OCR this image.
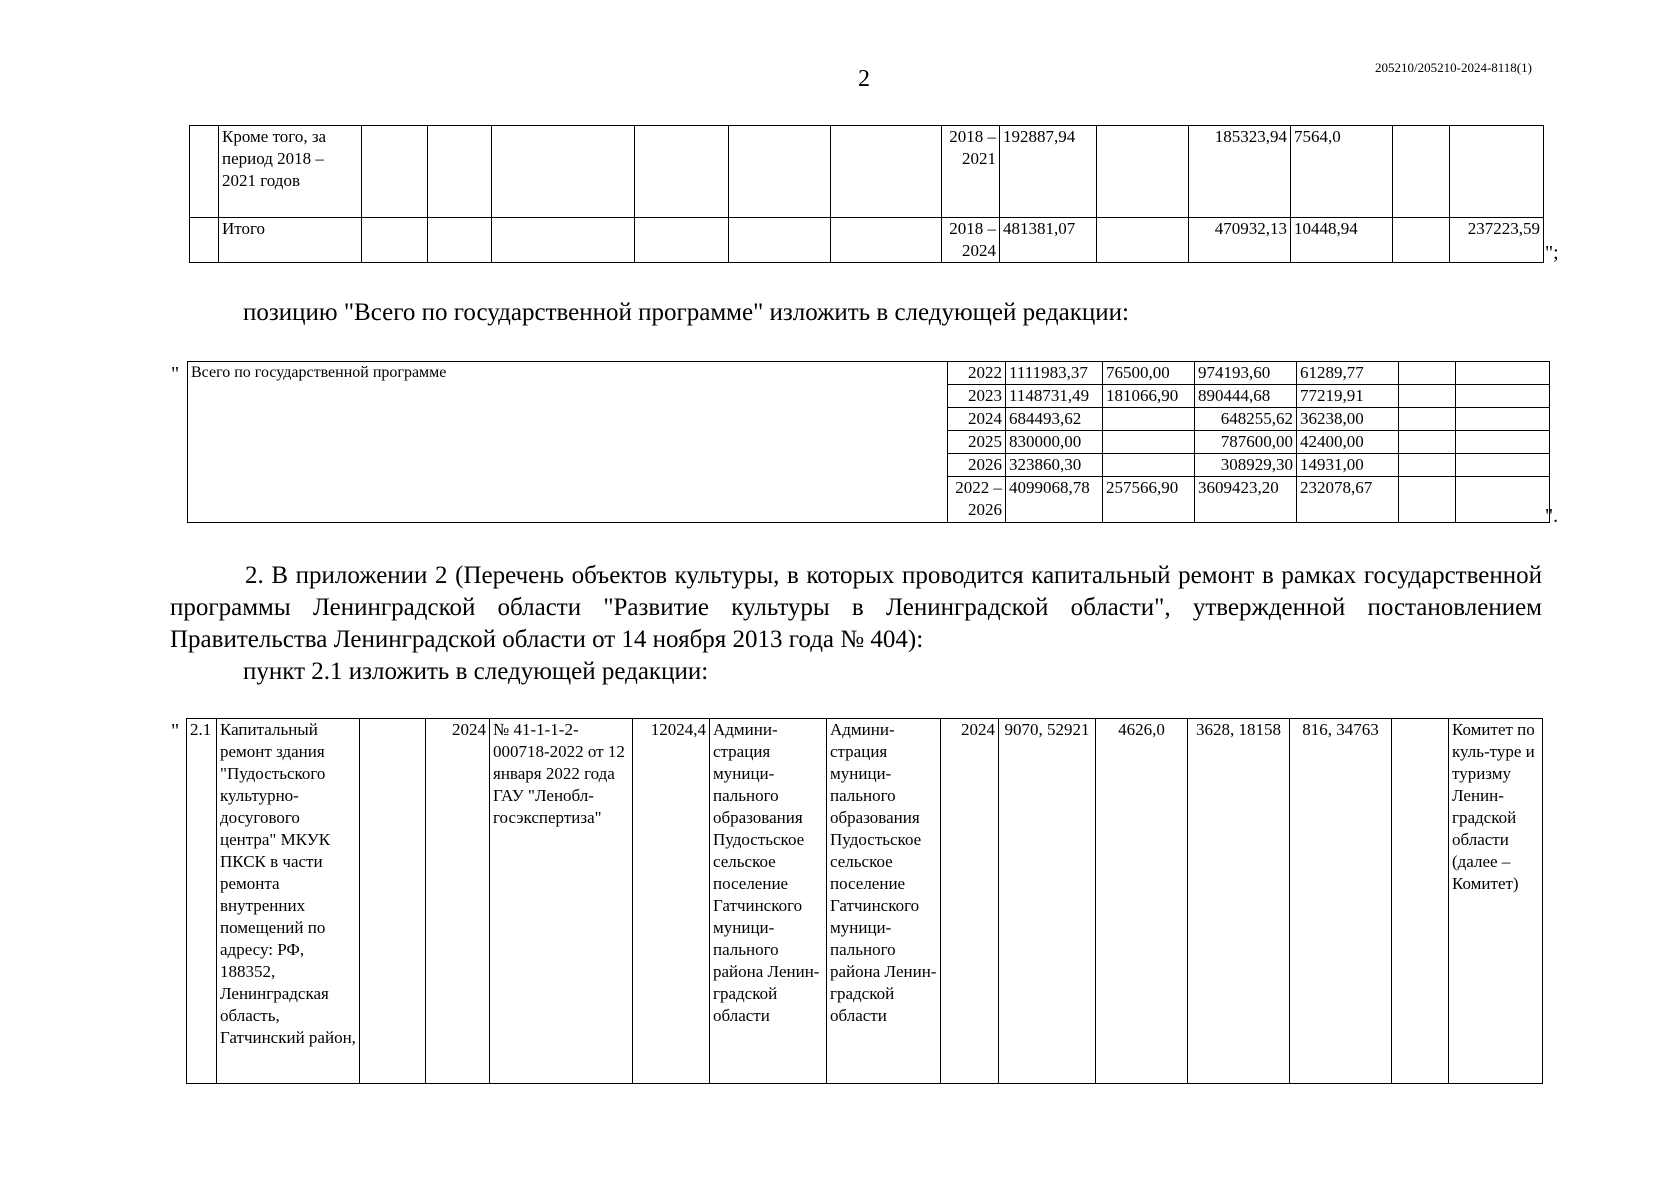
2	205210/205210-2024-8118(1)
	Кроме того, за период 2018 – 2021 годов							2018 – 2021	192887,94		185323,94	7564,0		
	Итого							2018 – 2024	481381,07		470932,13	10448,94		237223,59
";
позицию "Всего по государственной программе" изложить в следующей редакции:
" Всего по государственной программе	2022	1111983,37	76500,00	974193,60	61289,77		
	2023	1148731,49	181066,90	890444,68	77219,91		
	2024	684493,62		648255,62	36238,00		
	2025	830000,00		787600,00	42400,00		
	2026	323860,30		308929,30	14931,00		
	2022 – 2026	4099068,78	257566,90	3609423,20	232078,67		
".
2. В приложении 2 (Перечень объектов культуры, в которых проводится капитальный ремонт в рамках государственной программы Ленинградской области "Развитие культуры в Ленинградской области", утвержденной постановлением Правительства Ленинградской области от 14 ноября 2013 года № 404):
пункт 2.1 изложить в следующей редакции:
" 2.1	Капитальный ремонт здания "Пудостьского культурно-досугового центра" МКУК ПКСК в части ремонта внутренних помещений по адресу: РФ, 188352, Ленинградская область, Гатчинский район,		2024	№ 41-1-1-2-000718-2022 от 12 января 2022 года ГАУ "Ленобл-госэкспертиза"	12024,4	Админи-страция муници-пального образования Пудостьское сельское поселение Гатчинского муници-пального района Ленин-градской области	Админи-страция муници-пального образования Пудостьское сельское поселение Гатчинского муници-пального района Ленин-градской области	2024	9070, 52921	4626,0	3628, 18158	816, 34763		Комитет по куль-туре и туризму Ленин-градской области (далее – Комитет)
